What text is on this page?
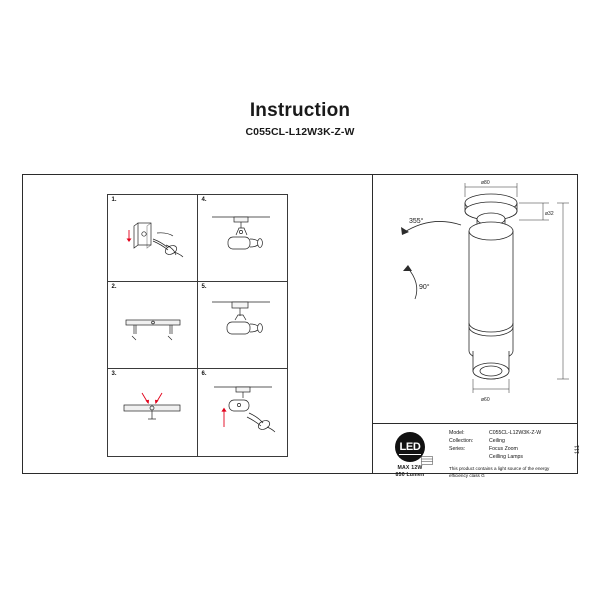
Instruction
C055CL-L12W3K-Z-W
1.	4.
2.	5.
3.	6.
355°
90°
ø32
ø80
ø60
111
LED
MAX 12W
850 Lumen
Model:	C055CL-L12W3K-Z-W
Collection:	Ceiling
Series:	Focus Zoom
Ceilling Lamps
This product contains a light source of the energy efficiency class G
